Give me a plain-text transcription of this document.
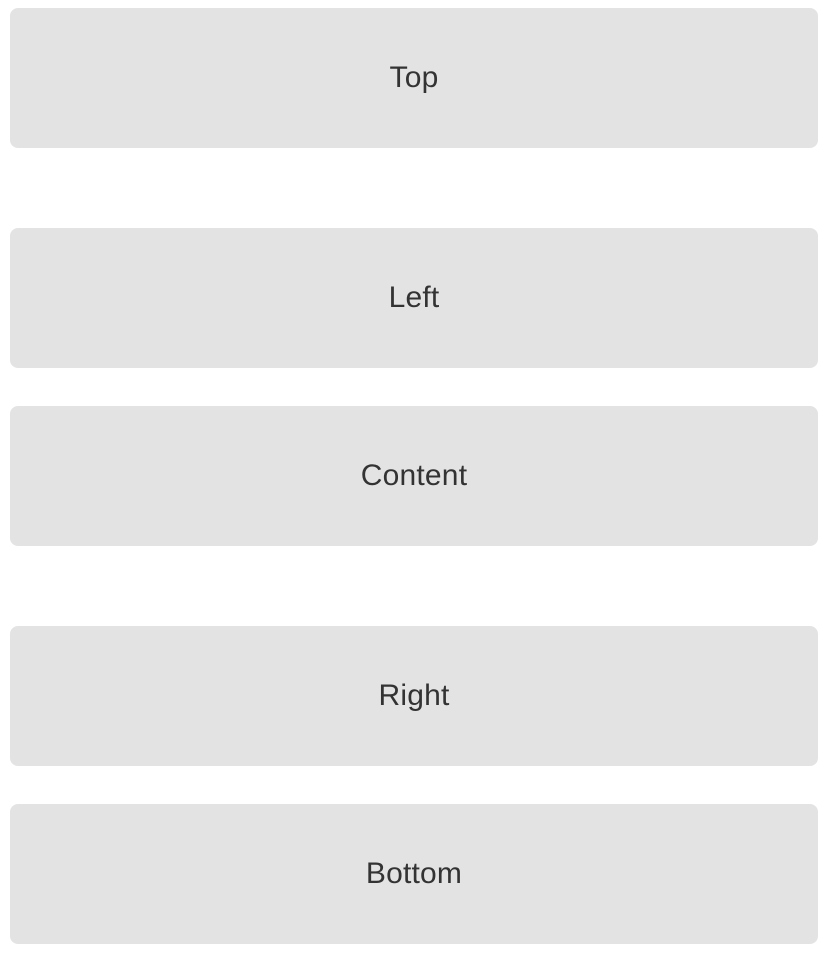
Top
Left
Content
Right
Bottom
